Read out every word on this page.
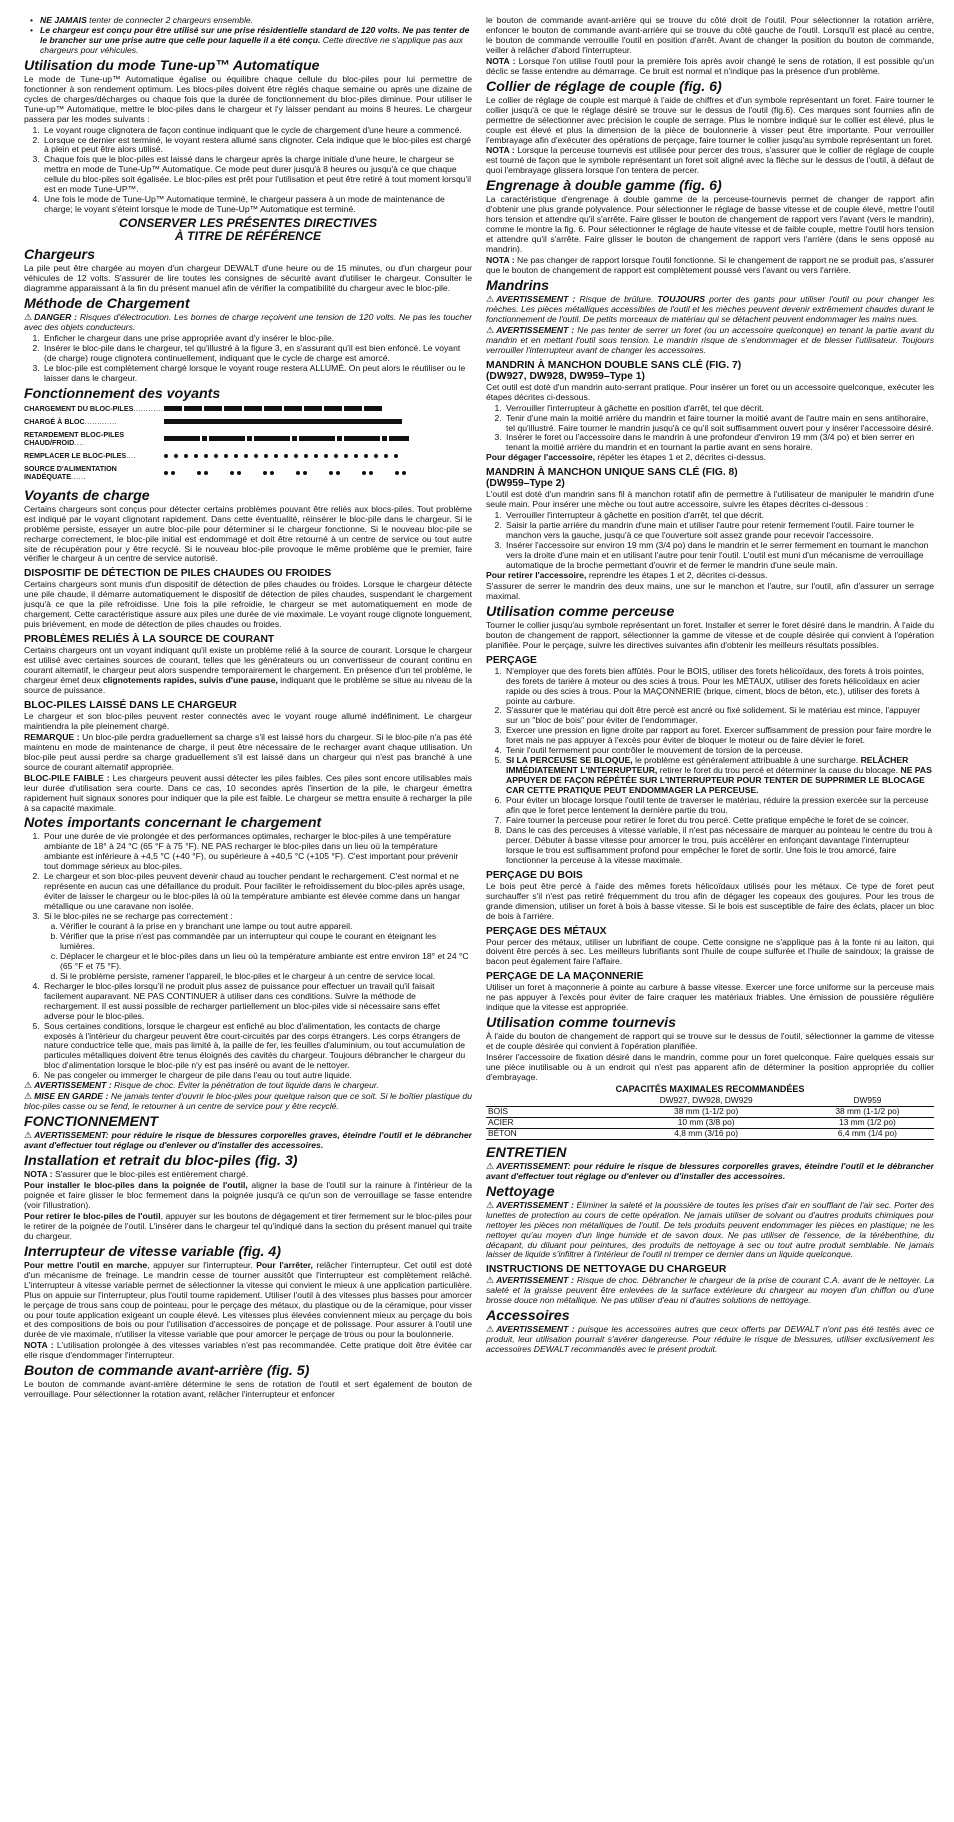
• NE JAMAIS tenter de connecter 2 chargeurs ensemble.
• Le chargeur est conçu pour être utilisé sur une prise résidentielle standard de 120 volts. Ne pas tenter de le brancher sur une prise autre que celle pour laquelle il a été conçu. Cette directive ne s'applique pas aux chargeurs pour véhicules.
Utilisation du mode Tune-up™ Automatique

Le mode de Tune-up™ Automatique égalise ou équilibre chaque cellule du bloc-piles pour lui permettre de fonctionner à son rendement optimum. Les blocs-piles doivent être réglés chaque semaine ou après une dizaine de cycles de charges/décharges ou chaque fois que la durée de fonctionnement du bloc-piles diminue. Pour utiliser le Tune-up™ Automatique, mettre le bloc-piles dans le chargeur et l'y laisser pendant au moins 8 heures. Le chargeur passera par les modes suivants :

1. Le voyant rouge clignotera de façon continue indiquant que le cycle de chargement d'une heure a commencé.
2. Lorsque ce dernier est terminé, le voyant restera allumé sans clignoter. Cela indique que le bloc-piles est chargé à plein et peut être alors utilisé.
3. Chaque fois que le bloc-piles est laissé dans le chargeur après la charge initiale d'une heure, le chargeur se mettra en mode de Tune-Up™ Automatique. Ce mode peut durer jusqu'à 8 heures ou jusqu'à ce que chaque cellule du bloc-piles soit égalisée. Le bloc-piles est prêt pour l'utilisation et peut être retiré à tout moment lorsqu'il est en mode Tune-UP™.
4. Une fois le mode de Tune-Up™ Automatique terminé, le chargeur passera à un mode de maintenance de charge; le voyant s'éteint lorsque le mode de Tune-Up™ Automatique est terminé.
CONSERVER LES PRÉSENTES DIRECTIVES
À TITRE DE RÉFÉRENCE
Chargeurs

La pile peut être chargée au moyen d'un chargeur DEWALT d'une heure ou de 15 minutes, ou d'un chargeur pour véhicules de 12 volts. S'assurer de lire toutes les consignes de sécurité avant d'utiliser le chargeur. Consulter le diagramme apparaissant à la fin du présent manuel afin de vérifier la compatibilité du chargeur avec le bloc-pile.

Méthode de Chargement

⚠ DANGER : Risques d'électrocution. Les bornes de charge reçoivent une tension de 120 volts. Ne pas les toucher avec des objets conducteurs.

1. Enficher le chargeur dans une prise appropriée avant d'y insérer le bloc-pile.
2. Insérer le bloc-pile dans le chargeur, tel qu'illustré à la figure 3, en s'assurant qu'il est bien enfoncé. Le voyant (de charge) rouge clignotera continuellement, indiquant que le cycle de charge est amorcé.
3. Le bloc-pile est complètement chargé lorsque le voyant rouge restera ALLUMÉ. On peut alors le réutiliser ou le laisser dans le chargeur.
Fonctionnement des voyants
CHARGEMENT DU BLOC-PILES............
CHARGÉ À BLOC.............
RETARDEMENT BLOC-PILES CHAUD/FROID....
REMPLACER LE BLOC-PILES....
SOURCE D'ALIMENTATION INADÉQUATE......
Voyants de charge

Certains chargeurs sont conçus pour détecter certains problèmes pouvant être reliés aux blocs-piles. Tout problème est indiqué par le voyant clignotant rapidement. Dans cette éventualité, réinsérer le bloc-pile dans le chargeur. Si le problème persiste, essayer un autre bloc-pile pour déterminer si le chargeur fonctionne. Si le nouveau bloc-pile se recharge correctement, le bloc-pile initial est endommagé et doit être retourné à un centre de service ou tout autre site de récupération pour y être recyclé. Si le nouveau bloc-pile provoque le même problème que le premier, faire vérifier le chargeur à un centre de service autorisé.

DISPOSITIF DE DÉTECTION DE PILES CHAUDES OU FROIDES

Certains chargeurs sont munis d'un dispositif de détection de piles chaudes ou froides. Lorsque le chargeur détecte une pile chaude, il démarre automatiquement le dispositif de détection de piles chaudes, suspendant le chargement jusqu'à ce que la pile refroidisse. Une fois la pile refroidie, le chargeur se met automatiquement en mode de chargement. Cette caractéristique assure aux piles une durée de vie maximale. Le voyant rouge clignote longuement, puis brièvement, en mode de détection de piles chaudes ou froides.

PROBLÈMES RELIÉS À LA SOURCE DE COURANT

Certains chargeurs ont un voyant indiquant qu'il existe un problème relié à la source de courant. Lorsque le chargeur est utilisé avec certaines sources de courant, telles que les générateurs ou un convertisseur de courant continu en courant alternatif, le chargeur peut alors suspendre temporairement le chargement. En présence d'un tel problème, le chargeur émet deux clignotements rapides, suivis d'une pause, indiquant que le problème se situe au niveau de la source de puissance.

BLOC-PILES LAISSÉ DANS LE CHARGEUR

Le chargeur et son bloc-piles peuvent rester connectés avec le voyant rouge allumé indéfiniment. Le chargeur maintiendra la pile pleinement chargé.

REMARQUE : Un bloc-pile perdra graduellement sa charge s'il est laissé hors du chargeur. Si le bloc-pile n'a pas été maintenu en mode de maintenance de charge, il peut être nécessaire de le recharger avant chaque utilisation. Un bloc-pile peut aussi perdre sa charge graduellement s'il est laissé dans un chargeur qui n'est pas branché à une source de courant alternatif appropriée.

BLOC-PILE FAIBLE : Les chargeurs peuvent aussi détecter les piles faibles. Ces piles sont encore utilisables mais leur durée d'utilisation sera courte. Dans ce cas, 10 secondes après l'insertion de la pile, le chargeur émettra rapidement huit signaux sonores pour indiquer que la pile est faible. Le chargeur se mettra ensuite à recharger la pile à sa capacité maximale.

Notes importants concernant le chargement
1. Pour une durée de vie prolongée et des performances optimales, recharger le bloc-piles à une température ambiante de 18° à 24 °C (65 °F à 75 °F). NE PAS recharger le bloc-piles dans un lieu où la température ambiante est inférieure à +4,5 °C (+40 °F), ou supérieure à +40,5 °C (+105 °F). C'est important pour prévenir tout dommage sérieux au bloc-piles.
2. Le chargeur et son bloc-piles peuvent devenir chaud au toucher pendant le rechargement. C'est normal et ne représente en aucun cas une défaillance du produit. Pour faciliter le refroidissement du bloc-piles après usage, éviter de laisser le chargeur ou le bloc-piles là où la température ambiante est élevée comme dans un hangar métallique ou une caravane non isolée.
3. Si le bloc-piles ne se recharge pas correctement :
a. Vérifier le courant à la prise en y branchant une lampe ou tout autre appareil.
b. Vérifier que la prise n'est pas commandée par un interrupteur qui coupe le courant en éteignant les lumières.
c. Déplacer le chargeur et le bloc-piles dans un lieu où la température ambiante est entre environ 18° et 24 °C (65 °F et 75 °F).
d. Si le problème persiste, ramener l'appareil, le bloc-piles et le chargeur à un centre de service local.
4. Recharger le bloc-piles lorsqu'il ne produit plus assez de puissance pour effectuer un travail qu'il faisait facilement auparavant. NE PAS CONTINUER à utiliser dans ces conditions. Suivre la méthode de rechargement. Il est aussi possible de recharger partiellement un bloc-piles vide si nécessaire sans effet adverse pour le bloc-piles.
5. Sous certaines conditions, lorsque le chargeur est enfiché au bloc d'alimentation, les contacts de charge exposés à l'intérieur du chargeur peuvent être court-circuités par des corps étrangers. Les corps étrangers de nature conductrice telle que, mais pas limité à, la paille de fer, les feuilles d'aluminium, ou tout accumulation de particules métalliques doivent être tenus éloignés des cavités du chargeur. Toujours débrancher le chargeur du bloc d'alimentation lorsque le bloc-pile n'y est pas inséré ou avant de le nettoyer.
6. Ne pas congeler ou immerger le chargeur de pile dans l'eau ou tout autre liquide.

⚠ AVERTISSEMENT : Risque de choc. Éviter la pénétration de tout liquide dans le chargeur.

⚠ MISE EN GARDE : Ne jamais tenter d'ouvrir le bloc-piles pour quelque raison que ce soit. Si le boîtier plastique du bloc-piles casse ou se fend, le retourner à un centre de service pour y être recyclé.

FONCTIONNEMENT

⚠ AVERTISSEMENT: pour réduire le risque de blessures corporelles graves, éteindre l'outil et le débrancher avant d'effectuer tout réglage ou d'enlever ou d'installer des accessoires.

Installation et retrait du bloc-piles (fig. 3)

NOTA : S'assurer que le bloc-piles est entièrement chargé.

Pour installer le bloc-piles dans la poignée de l'outil, aligner la base de l'outil sur la rainure à l'intérieur de la poignée et faire glisser le bloc fermement dans la poignée jusqu'à ce qu'un son de verrouillage se fasse entendre (voir l'illustration).

Pour retirer le bloc-piles de l'outil, appuyer sur les boutons de dégagement et tirer fermement sur le bloc-piles pour le retirer de la poignée de l'outil. L'insérer dans le chargeur tel qu'indiqué dans la section du présent manuel qui traite du chargeur.

Interrupteur de vitesse variable (fig. 4)

Pour mettre l'outil en marche, appuyer sur l'interrupteur. Pour l'arrêter, relâcher l'interrupteur. Cet outil est doté d'un mécanisme de freinage. Le mandrin cesse de tourner aussitôt que l'interrupteur est complètement relâché. L'interrupteur à vitesse variable permet de sélectionner la vitesse qui convient le mieux à une application particulière. Plus on appuie sur l'interrupteur, plus l'outil tourne rapidement. Utiliser l'outil à des vitesses plus basses pour amorcer le perçage de trous sans coup de pointeau, pour le perçage des métaux, du plastique ou de la céramique, pour visser ou pour toute application exigeant un couple élevé. Les vitesses plus élevées conviennent mieux au perçage du bois et des compositions de bois ou pour l'utilisation d'accessoires de ponçage et de polissage. Pour assurer à l'outil une durée de vie maximale, n'utiliser la vitesse variable que pour amorcer le perçage de trous ou pour la boulonnerie.

NOTA : L'utilisation prolongée à des vitesses variables n'est pas recommandée. Cette pratique doit être évitée car elle risque d'endommager l'interrupteur.

Bouton de commande avant-arrière (fig. 5)

Le bouton de commande avant-arrière détermine le sens de rotation de l'outil et sert également de bouton de verrouillage. Pour sélectionner la rotation avant, relâcher l'interrupteur et enfoncer

le bouton de commande avant-arrière qui se trouve du côté droit de l'outil. Pour sélectionner la rotation arrière, enfoncer le bouton de commande avant-arrière qui se trouve du côté gauche de l'outil. Lorsqu'il est placé au centre, le bouton de commande verrouille l'outil en position d'arrêt. Avant de changer la position du bouton de commande, veiller à relâcher d'abord l'interrupteur.

NOTA : Lorsque l'on utilise l'outil pour la première fois après avoir changé le sens de rotation, il est possible qu'un déclic se fasse entendre au démarrage. Ce bruit est normal et n'indique pas la présence d'un problème.

Collier de réglage de couple (fig. 6)

Le collier de réglage de couple est marqué à l'aide de chiffres et d'un symbole représentant un foret. Faire tourner le collier jusqu'à ce que le réglage désiré se trouve sur le dessus de l'outil (fig.6). Ces marques sont fournies afin de permettre de sélectionner avec précision le couple de serrage. Plus le nombre indiqué sur le collier est élevé, plus le couple est élevé et plus la dimension de la pièce de boulonnerie à visser peut être importante. Pour verrouiller l'embrayage afin d'exécuter des opérations de perçage, faire tourner le collier jusqu'au symbole représentant un foret.

NOTA : Lorsque la perceuse tournevis est utilisée pour percer des trous, s'assurer que le collier de réglage de couple est tourné de façon que le symbole représentant un foret soit aligné avec la flèche sur le dessus de l'outil, à défaut de quoi l'embrayage glissera lorsque l'on tentera de percer.

Engrenage à double gamme (fig. 6)

La caractéristique d'engrenage à double gamme de la perceuse-tournevis permet de changer de rapport afin d'obtenir une plus grande polyvalence. Pour sélectionner le réglage de basse vitesse et de couple élevé, mettre l'outil hors tension et attendre qu'il s'arrête. Faire glisser le bouton de changement de rapport vers l'avant (vers le mandrin), comme le montre la fig. 6. Pour sélectionner le réglage de haute vitesse et de faible couple, mettre l'outil hors tension et attendre qu'il s'arrête. Faire glisser le bouton de changement de rapport vers l'arrière (dans le sens opposé au mandrin).

NOTA : Ne pas changer de rapport lorsque l'outil fonctionne. Si le changement de rapport ne se produit pas, s'assurer que le bouton de changement de rapport est complètement poussé vers l'avant ou vers l'arrière.

Mandrins

⚠ AVERTISSEMENT : Risque de brûlure. TOUJOURS porter des gants pour utiliser l'outil ou pour changer les mèches. Les pièces métalliques accessibles de l'outil et les mèches peuvent devenir extrêmement chaudes durant le fonctionnement de l'outil. De petits morceaux de matériau qui se détachent peuvent endommager les mains nues.

⚠ AVERTISSEMENT : Ne pas tenter de serrer un foret (ou un accessoire quelconque) en tenant la partie avant du mandrin et en mettant l'outil sous tension. Le mandrin risque de s'endommager et de blesser l'utilisateur. Toujours verrouiller l'interrupteur avant de changer les accessoires.

MANDRIN À MANCHON DOUBLE SANS CLÉ (FIG. 7)
(DW927, DW928, DW959–Type 1)

Cet outil est doté d'un mandrin auto-serrant pratique. Pour insérer un foret ou un accessoire quelconque, exécuter les étapes décrites ci-dessous.

1. Verrouiller l'interrupteur à gâchette en position d'arrêt, tel que décrit.
2. Tenir d'une main la moitié arrière du mandrin et faire tourner la moitié avant de l'autre main en sens antihoraire, tel qu'illustré. Faire tourner le mandrin jusqu'à ce qu'il soit suffisamment ouvert pour y insérer l'accessoire désiré.
3. Insérer le foret ou l'accessoire dans le mandrin à une profondeur d'environ 19 mm (3/4 po) et bien serrer en tenant la moitié arrière du mandrin et en tournant la partie avant en sens horaire.

Pour dégager l'accessoire, répéter les étapes 1 et 2, décrites ci-dessus.

MANDRIN À MANCHON UNIQUE SANS CLÉ (FIG. 8)
(DW959–Type 2)

L'outil est doté d'un mandrin sans fil à manchon rotatif afin de permettre à l'utilisateur de manipuler le mandrin d'une seule main. Pour insérer une mèche ou tout autre accessoire, suivre les étapes décrites ci-dessous :

1. Verrouiller l'interrupteur à gâchette en position d'arrêt, tel que décrit.
2. Saisir la partie arrière du mandrin d'une main et utiliser l'autre pour retenir fermement l'outil. Faire tourner le manchon vers la gauche, jusqu'à ce que l'ouverture soit assez grande pour recevoir l'accessoire.
3. Insérer l'accessoire sur environ 19 mm (3/4 po) dans le mandrin et le serrer fermement en tournant le manchon vers la droite d'une main et en utilisant l'autre pour tenir l'outil. L'outil est muni d'un mécanisme de verrouillage automatique de la broche permettant d'ouvrir et de fermer le mandrin d'une seule main.

Pour retirer l'accessoire, reprendre les étapes 1 et 2, décrites ci-dessus.

S'assurer de serrer le mandrin des deux mains, une sur le manchon et l'autre, sur l'outil, afin d'assurer un serrage maximal.

Utilisation comme perceuse

Tourner le collier jusqu'au symbole représentant un foret. Installer et serrer le foret désiré dans le mandrin. À l'aide du bouton de changement de rapport, sélectionner la gamme de vitesse et de couple désirée qui convient à l'opération planifiée. Pour le perçage, suivre les directives suivantes afin d'obtenir les meilleurs résultats possibles.

PERÇAGE
1. N'employer que des forets bien affûtés. Pour le BOIS, utiliser des forets hélicoïdaux, des forets à trois pointes, des forets de tarière à moteur ou des scies à trous. Pour les MÉTAUX, utiliser des forets hélicoïdaux en acier rapide ou des scies à trous. Pour la MAÇONNERIE (brique, ciment, blocs de béton, etc.), utiliser des forets à pointe au carbure.
2. S'assurer que le matériau qui doit être percé est ancré ou fixé solidement. Si le matériau est mince, l'appuyer sur un "bloc de bois" pour éviter de l'endommager.
3. Exercer une pression en ligne droite par rapport au foret. Exercer suffisamment de pression pour faire mordre le foret mais ne pas appuyer à l'excès pour éviter de bloquer le moteur ou de faire dévier le foret.
4. Tenir l'outil fermement pour contrôler le mouvement de torsion de la perceuse.
5. SI LA PERCEUSE SE BLOQUE, le problème est généralement attribuable à une surcharge. RELÂCHER IMMÉDIATEMENT L'INTERRUPTEUR, retirer le foret du trou percé et déterminer la cause du blocage. NE PAS APPUYER DE FAÇON RÉPÉTÉE SUR L'INTERRUPTEUR POUR TENTER DE SUPPRIMER LE BLOCAGE CAR CETTE PRATIQUE PEUT ENDOMMAGER LA PERCEUSE.
6. Pour éviter un blocage lorsque l'outil tente de traverser le matériau, réduire la pression exercée sur la perceuse afin que le foret perce lentement la dernière partie du trou.
7. Faire tourner la perceuse pour retirer le foret du trou percé. Cette pratique empêche le foret de se coincer.
8. Dans le cas des perceuses à vitesse variable, il n'est pas nécessaire de marquer au pointeau le centre du trou à percer. Débuter à basse vitesse pour amorcer le trou, puis accélérer en enfonçant davantage l'interrupteur lorsque le trou est suffisamment profond pour empêcher le foret de sortir. Une fois le trou amorcé, faire fonctionner la perceuse à la vitesse maximale.
PERÇAGE DU BOIS

Le bois peut être percé à l'aide des mêmes forets hélicoïdaux utilisés pour les métaux. Ce type de foret peut surchauffer s'il n'est pas retiré fréquemment du trou afin de dégager les copeaux des goujures. Pour les trous de grande dimension, utiliser un foret à bois à basse vitesse. Si le bois est susceptible de faire des éclats, placer un bloc de bois à l'arrière.

PERÇAGE DES MÉTAUX

Pour percer des métaux, utiliser un lubrifiant de coupe. Cette consigne ne s'applique pas à la fonte ni au laiton, qui doivent être percés à sec. Les meilleurs lubrifiants sont l'huile de coupe sulfurée et l'huile de saindoux; la graisse de bacon peut également faire l'affaire.

PERÇAGE DE LA MAÇONNERIE

Utiliser un foret à maçonnerie à pointe au carbure à basse vitesse. Exercer une force uniforme sur la perceuse mais ne pas appuyer à l'excès pour éviter de faire craquer les matériaux friables. Une émission de poussière régulière indique que la vitesse est appropriée.

Utilisation comme tournevis

À l'aide du bouton de changement de rapport qui se trouve sur le dessus de l'outil, sélectionner la gamme de vitesse et de couple désirée qui convient à l'opération planifiée.

Insérer l'accessoire de fixation désiré dans le mandrin, comme pour un foret quelconque. Faire quelques essais sur une pièce inutilisable ou à un endroit qui n'est pas apparent afin de déterminer la position appropriée du collier d'embrayage.

CAPACITÉS MAXIMALES RECOMMANDÉES
	DW927, DW928, DW929	DW959
BOIS	38 mm (1-1/2 po)	38 mm (1-1/2 po)
ACIER	10 mm (3/8 po)	13 mm (1/2 po)
BÉTON	4,8 mm (3/16 po)	6,4 mm (1/4 po)
ENTRETIEN

⚠ AVERTISSEMENT: pour réduire le risque de blessures corporelles graves, éteindre l'outil et le débrancher avant d'effectuer tout réglage ou d'enlever ou d'installer des accessoires.

Nettoyage

⚠ AVERTISSEMENT : Éliminer la saleté et la poussière de toutes les prises d'air en soufflant de l'air sec. Porter des lunettes de protection au cours de cette opération. Ne jamais utiliser de solvant ou d'autres produits chimiques pour nettoyer les pièces non métalliques de l'outil. De tels produits peuvent endommager les pièces en plastique; ne les nettoyer qu'au moyen d'un linge humide et de savon doux. Ne pas utiliser de l'essence, de la térébenthine, du décapant, du diluant pour peintures, des produits de nettoyage à sec ou tout autre produit semblable. Ne jamais laisser de liquide s'infiltrer à l'intérieur de l'outil ni tremper ce dernier dans un liquide quelconque.

INSTRUCTIONS DE NETTOYAGE DU CHARGEUR

⚠ AVERTISSEMENT : Risque de choc. Débrancher le chargeur de la prise de courant C.A. avant de le nettoyer. La saleté et la graisse peuvent être enlevées de la surface extérieure du chargeur au moyen d'un chiffon ou d'une brosse douce non métallique. Ne pas utiliser d'eau ni d'autres solutions de nettoyage.

Accessoires

⚠ AVERTISSEMENT : puisque les accessoires autres que ceux offerts par DEWALT n'ont pas été testés avec ce produit, leur utilisation pourrait s'avérer dangereuse. Pour réduire le risque de blessures, utiliser exclusivement les accessoires DEWALT recommandés avec le présent produit.
